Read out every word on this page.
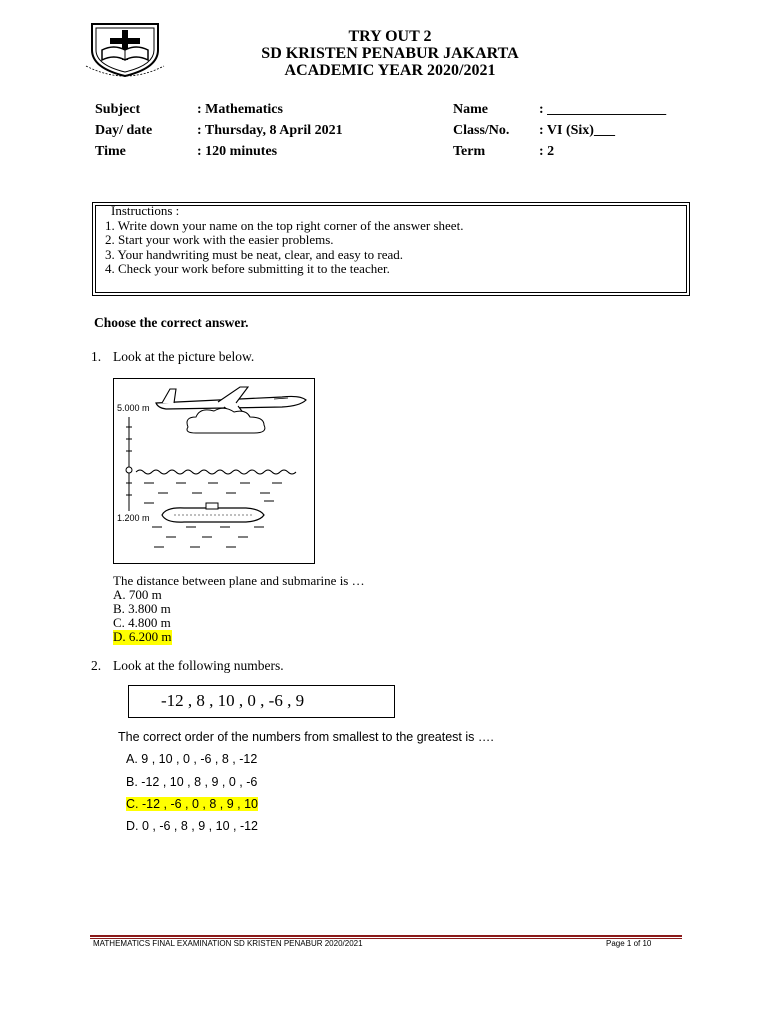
TRY OUT 2
SD KRISTEN PENABUR JAKARTA
ACADEMIC YEAR 2020/2021
Subject	: Mathematics
Day/ date	: Thursday, 8 April 2021
Time	: 120 minutes
Name	: _________________
Class/No. : VI (Six)___
Term	: 2
Instructions :
1. Write down your name on the top right corner of the answer sheet.
2. Start your work with the easier problems.
3. Your handwriting must be neat, clear, and easy to read.
4. Check your work before submitting it to the teacher.
Choose the correct answer.
1. Look at the picture below.
5.000 m
1.200 m
The distance between plane and submarine is …
A. 700 m
B. 3.800 m
C. 4.800 m
D. 6.200 m
2. Look at the following numbers.
-12 , 8 , 10 , 0 , -6 , 9
The correct order of the numbers from smallest to the greatest is ….
A. 9 , 10 , 0 , -6 , 8 , -12
B. -12 , 10 , 8 , 9 , 0 , -6
C. -12 , -6 , 0 , 8 , 9 , 10
D. 0 , -6 , 8 , 9 , 10 , -12
MATHEMATICS FINAL EXAMINATION SD KRISTEN PENABUR 2020/2021	Page 1 of 10
